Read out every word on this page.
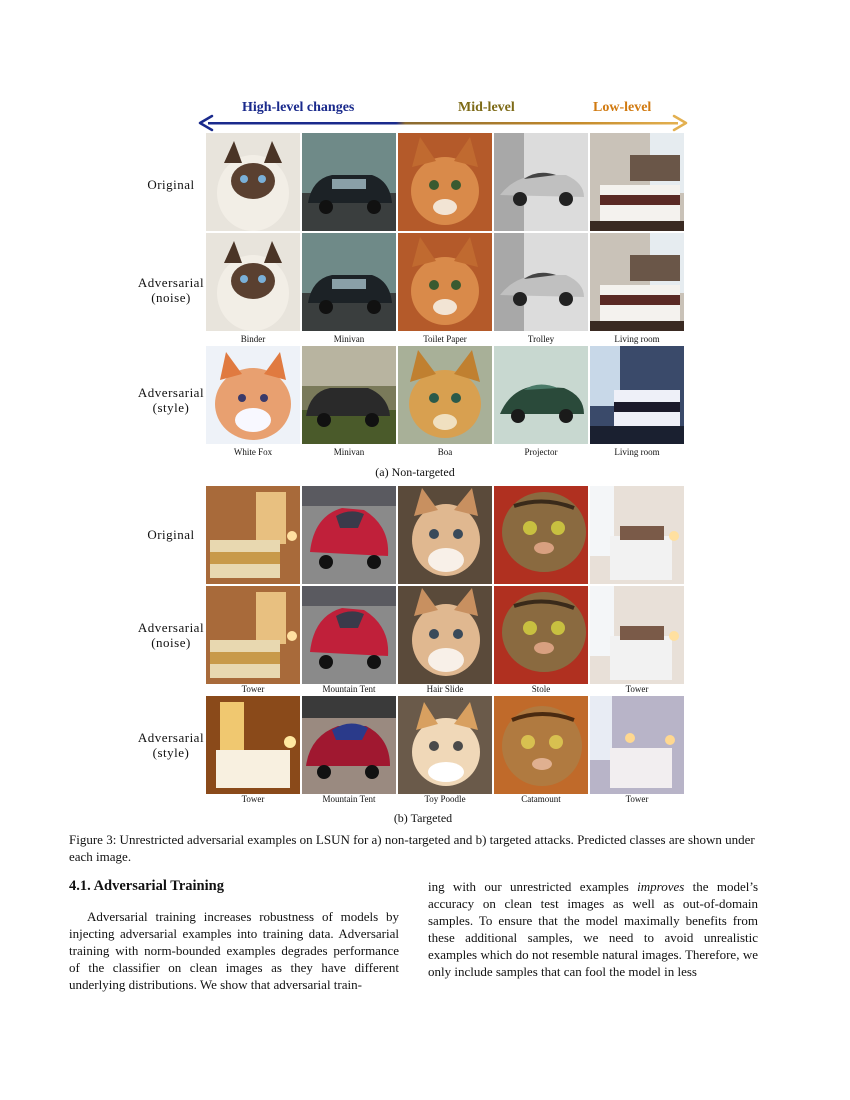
High-level changes	Mid-level	Low-level
Original
Adversarial
(noise)
Binder	Minivan	Toilet Paper	Trolley	Living room
Adversarial
(style)
White Fox	Minivan	Boa	Projector	Living room
(a) Non-targeted
Original
Adversarial
(noise)
Tower	Mountain Tent	Hair Slide	Stole	Tower
Adversarial
(style)
Tower	Mountain Tent	Toy Poodle	Catamount	Tower
(b) Targeted
Figure 3: Unrestricted adversarial examples on LSUN for a) non-targeted and b) targeted attacks. Predicted classes are shown under each image.
4.1. Adversarial Training
Adversarial training increases robustness of models by injecting adversarial examples into training data. Adversarial training with norm-bounded examples degrades performance of the classifier on clean images as they have different underlying distributions. We show that adversarial train-
ing with our unrestricted examples improves the model’s accuracy on clean test images as well as out-of-domain samples. To ensure that the model maximally benefits from these additional samples, we need to avoid unrealistic examples which do not resemble natural images. Therefore, we only include samples that can fool the model in less
